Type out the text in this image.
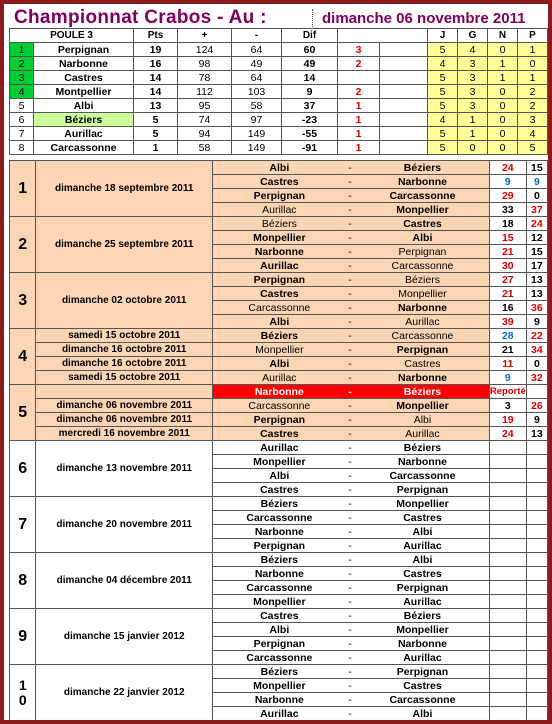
Championnat Crabos - Au :	dimanche 06 novembre 2011
POULE 3		Pts	+	-	Dif			J	G	N	P
1	Perpignan	19	124	64	60	3		5	4	0	1
2	Narbonne	16	98	49	49	2		4	3	1	0
3	Castres	14	78	64	14			5	3	1	1
4	Montpellier	14	112	103	9	2		5	3	0	2
5	Albi	13	95	58	37	1		5	3	0	2
6	Béziers	5	74	97	-23	1		4	1	0	3
7	Aurillac	5	94	149	-55	1		5	1	0	4
8	Carcassonne	1	58	149	-91	1		5	0	0	5

1	dimanche 18 septembre 2011		Albi	-	Béziers		24	15
			Castres	-	Narbonne		9	9
			Perpignan	-	Carcassonne		29	0
			Aurillac	-	Monpellier		33	37
2	dimanche 25 septembre 2011		Béziers	-	Castres		18	24
			Monpellier	-	Albi		15	12
			Narbonne	-	Perpignan		21	15
			Aurillac	-	Carcassonne		30	17
3	dimanche 02 octobre 2011		Perpignan	-	Béziers		27	13
			Castres	-	Monpellier		21	13
			Carcassonne	-	Narbonne		16	36
			Albi	-	Aurillac		39	9
4	samedi 15 octobre 2011		Béziers	-	Carcassonne		28	22
	dimanche 16 octobre 2011		Monpellier	-	Perpignan		21	34
	dimanche 16 octobre 2011		Albi	-	Castres		11	0
	samedi 15 octobre 2011		Aurillac	-	Narbonne		9	32
5			Narbonne	-	Béziers		Reporté	
	dimanche 06 novembre 2011		Carcassonne	-	Monpellier		3	26
	dimanche 06 novembre 2011		Perpignan	-	Albi		19	9
	mercredi 16 novembre 2011		Castres	-	Aurillac		24	13
6	dimanche 13 novembre 2011		Aurillac	-	Béziers			
			Monpellier	-	Narbonne			
			Albi	-	Carcassonne			
			Castres	-	Perpignan			
7	dimanche 20 novembre 2011		Béziers	-	Monpellier			
			Carcassonne	-	Castres			
			Narbonne	-	Albi			
			Perpignan	-	Aurillac			
8	dimanche 04 décembre 2011		Béziers	-	Albi			
			Narbonne	-	Castres			
			Carcassonne	-	Perpignan			
			Monpellier	-	Aurillac			
9	dimanche 15 janvier 2012		Castres	-	Béziers			
			Albi	-	Monpellier			
			Perpignan	-	Narbonne			
			Carcassonne	-	Aurillac			

1
0	dimanche 22 janvier 2012		Béziers	-	Perpignan			
			Monpellier	-	Castres			
			Narbonne	-	Carcassonne			
			Aurillac	-	Albi			
